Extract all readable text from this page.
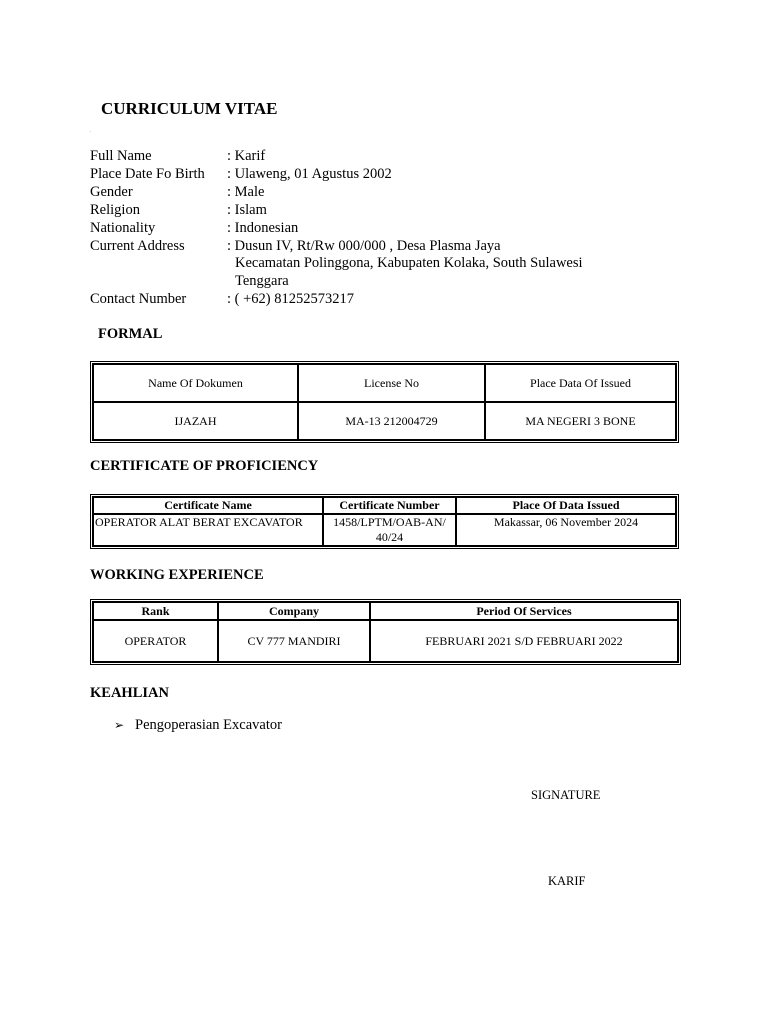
CURRICULUM VITAE
.
Full Name	: Karif
Place Date Fo Birth	: Ulaweng, 01 Agustus 2002
Gender	: Male
Religion	: Islam
Nationality	: Indonesian
Current Address	: Dusun IV, Rt/Rw 000/000 , Desa Plasma Jaya
Kecamatan Polinggona, Kabupaten Kolaka, South Sulawesi Tenggara
Contact Number	: ( +62) 81252573217
FORMAL
Name Of Dokumen	License No	Place Data Of Issued
IJAZAH	MA-13 212004729	MA NEGERI 3 BONE
CERTIFICATE OF PROFICIENCY
Certificate Name	Certificate Number	Place Of Data Issued
OPERATOR ALAT BERAT EXCAVATOR	1458/LPTM/OAB-AN/ 40/24	Makassar, 06 November 2024
WORKING EXPERIENCE
Rank	Company	Period Of Services
OPERATOR	CV 777 MANDIRI	FEBRUARI 2021 S/D FEBRUARI 2022
KEAHLIAN
➢ Pengoperasian Excavator
SIGNATURE
KARIF
